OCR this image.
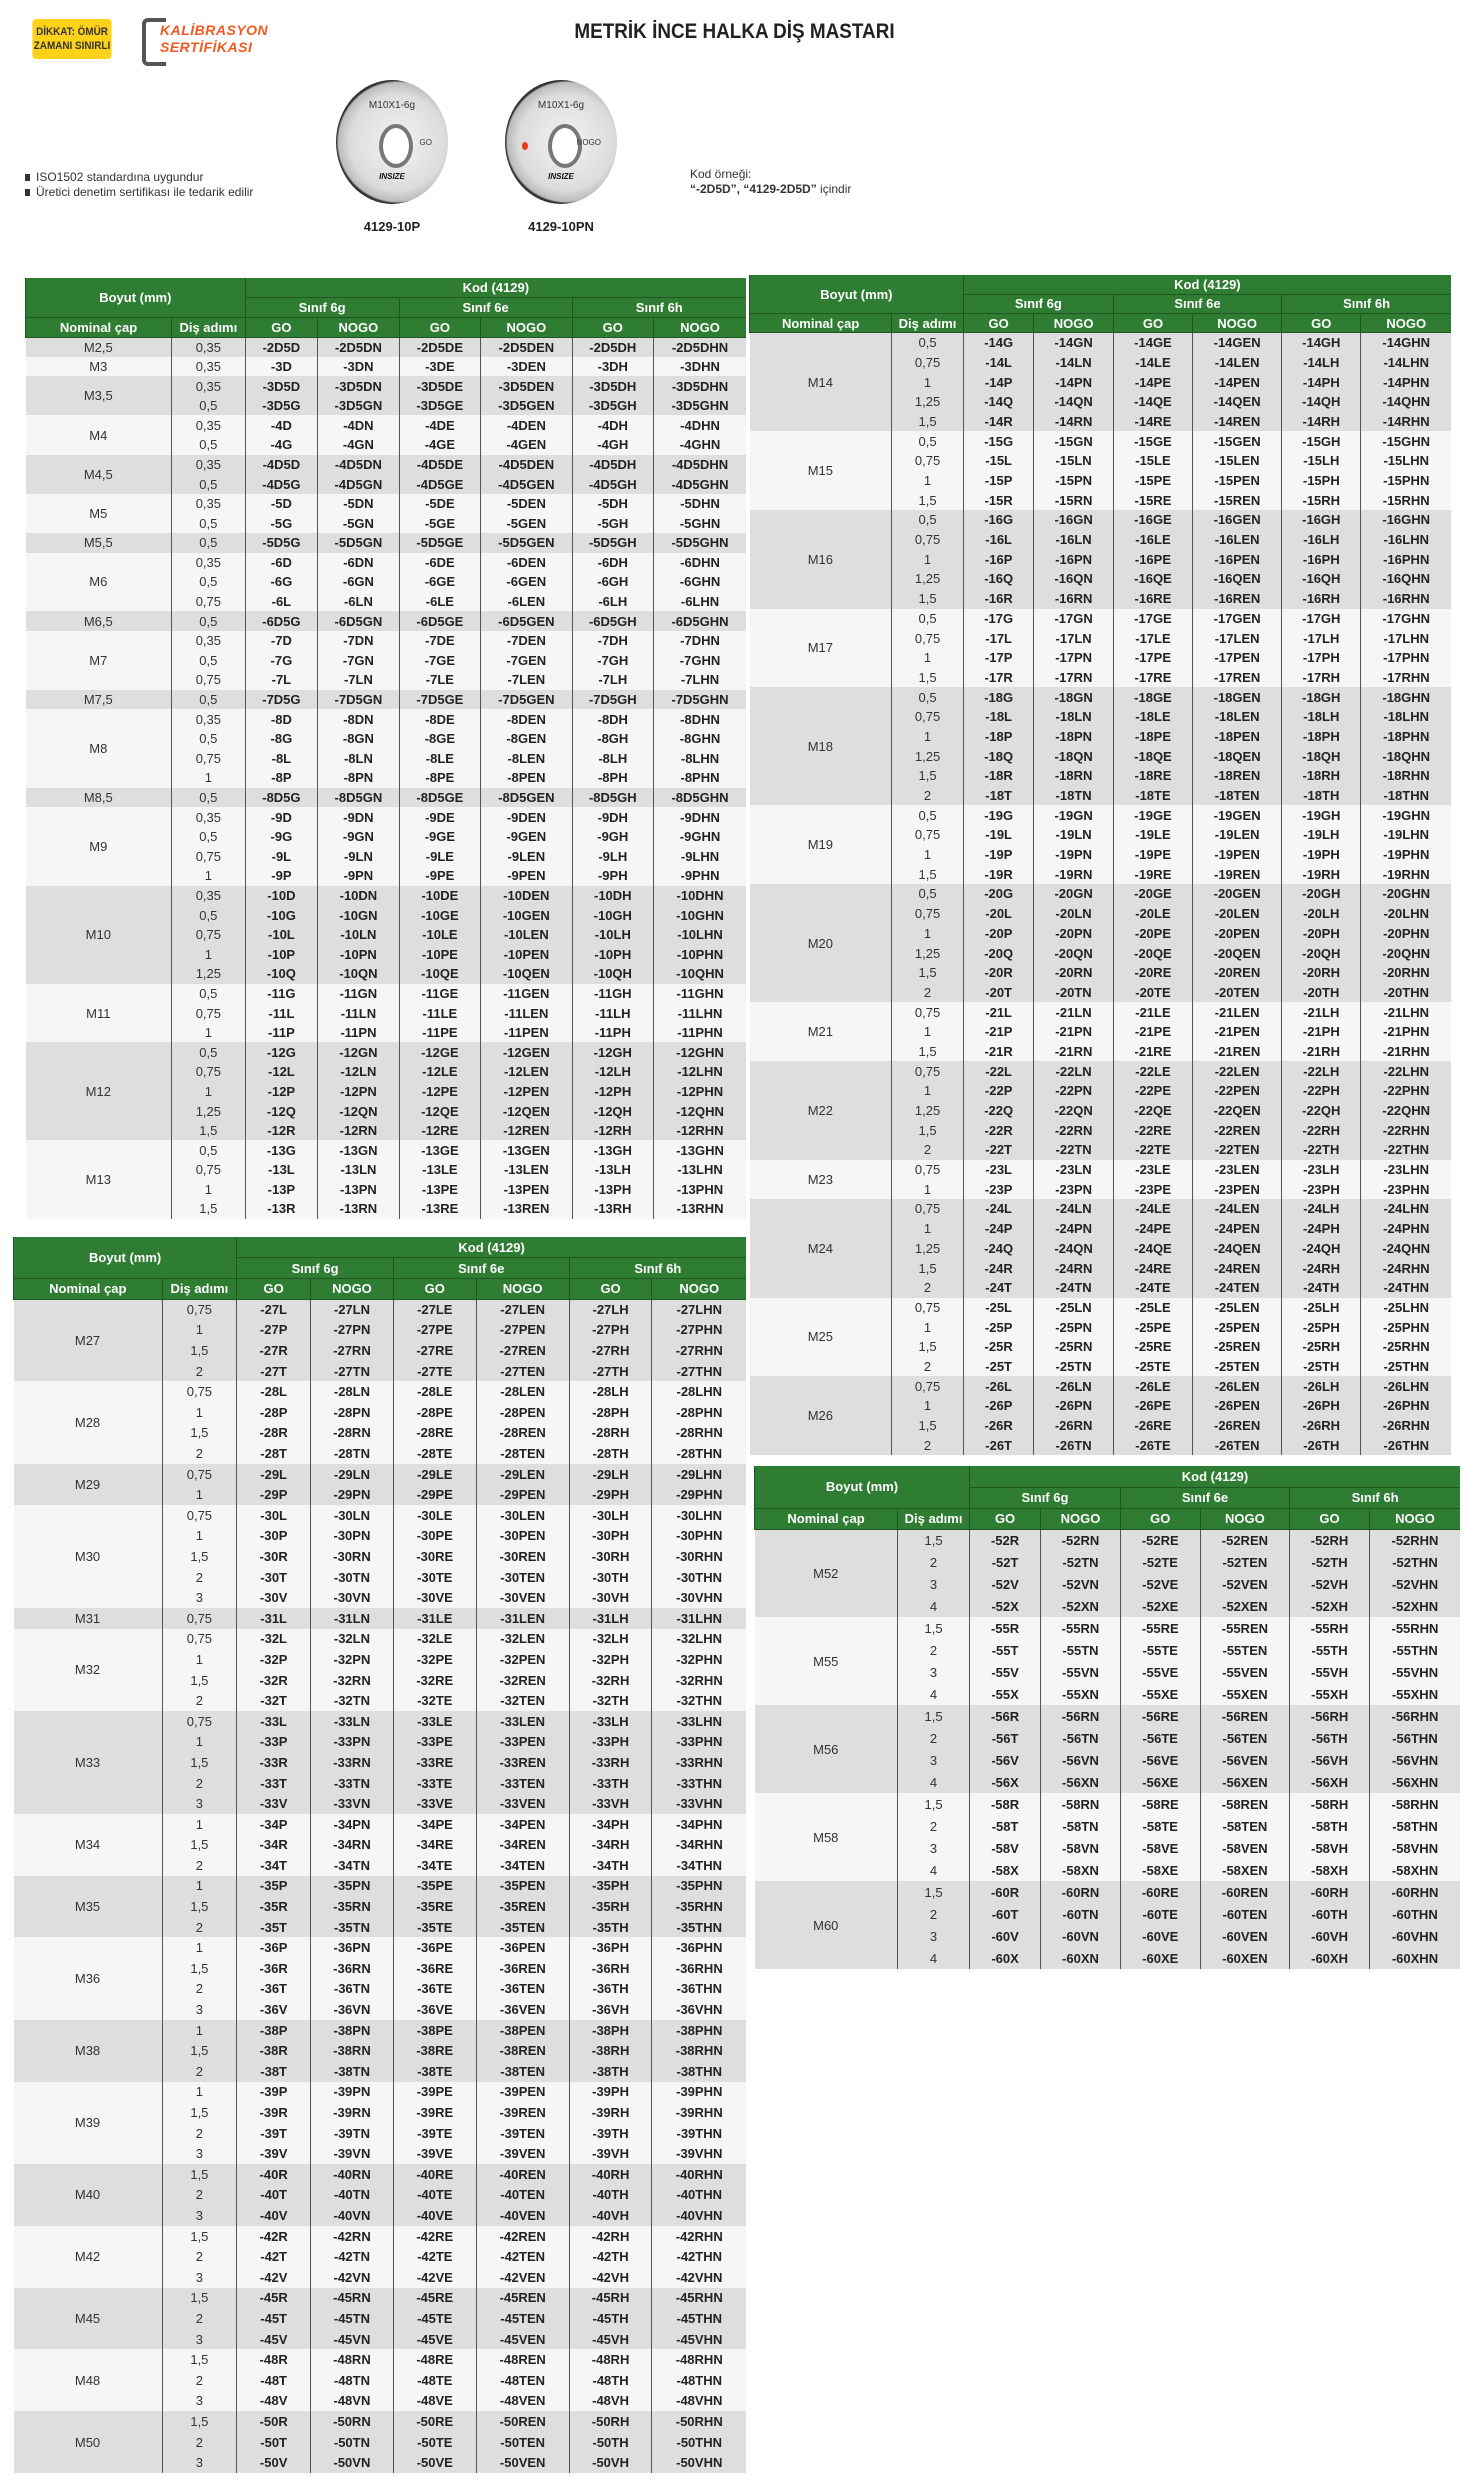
DİKKAT: ÖMÜR
ZAMANI SINIRLI
KALİBRASYON
SERTİFİKASI
METRİK İNCE HALKA DİŞ MASTARI
M10X1-6g
GO
INSIZE
M10X1-6g
NOGO
INSIZE
4129-10P	4129-10PN
ISO1502 standardına uygundur
Üretici denetim sertifikası ile tedarik edilir
Kod örneği:
“-2D5D”, “4129-2D5D” içindir
Boyut (mm)		Kod (4129)					
		Sınıf 6g		Sınıf 6e		Sınıf 6h	
Nominal çap	Diş adımı	GO	NOGO	GO	NOGO	GO	NOGO
M2,5	0,35	-2D5D	-2D5DN	-2D5DE	-2D5DEN	-2D5DH	-2D5DHN
M3	0,35	-3D	-3DN	-3DE	-3DEN	-3DH	-3DHN
M3,5	0,35	-3D5D	-3D5DN	-3D5DE	-3D5DEN	-3D5DH	-3D5DHN
	0,5	-3D5G	-3D5GN	-3D5GE	-3D5GEN	-3D5GH	-3D5GHN
M4	0,35	-4D	-4DN	-4DE	-4DEN	-4DH	-4DHN
	0,5	-4G	-4GN	-4GE	-4GEN	-4GH	-4GHN
M4,5	0,35	-4D5D	-4D5DN	-4D5DE	-4D5DEN	-4D5DH	-4D5DHN
	0,5	-4D5G	-4D5GN	-4D5GE	-4D5GEN	-4D5GH	-4D5GHN
M5	0,35	-5D	-5DN	-5DE	-5DEN	-5DH	-5DHN
	0,5	-5G	-5GN	-5GE	-5GEN	-5GH	-5GHN
M5,5	0,5	-5D5G	-5D5GN	-5D5GE	-5D5GEN	-5D5GH	-5D5GHN
M6	0,35	-6D	-6DN	-6DE	-6DEN	-6DH	-6DHN
	0,5	-6G	-6GN	-6GE	-6GEN	-6GH	-6GHN
	0,75	-6L	-6LN	-6LE	-6LEN	-6LH	-6LHN
M6,5	0,5	-6D5G	-6D5GN	-6D5GE	-6D5GEN	-6D5GH	-6D5GHN
M7	0,35	-7D	-7DN	-7DE	-7DEN	-7DH	-7DHN
	0,5	-7G	-7GN	-7GE	-7GEN	-7GH	-7GHN
	0,75	-7L	-7LN	-7LE	-7LEN	-7LH	-7LHN
M7,5	0,5	-7D5G	-7D5GN	-7D5GE	-7D5GEN	-7D5GH	-7D5GHN
M8	0,35	-8D	-8DN	-8DE	-8DEN	-8DH	-8DHN
	0,5	-8G	-8GN	-8GE	-8GEN	-8GH	-8GHN
	0,75	-8L	-8LN	-8LE	-8LEN	-8LH	-8LHN
	1	-8P	-8PN	-8PE	-8PEN	-8PH	-8PHN
M8,5	0,5	-8D5G	-8D5GN	-8D5GE	-8D5GEN	-8D5GH	-8D5GHN
M9	0,35	-9D	-9DN	-9DE	-9DEN	-9DH	-9DHN
	0,5	-9G	-9GN	-9GE	-9GEN	-9GH	-9GHN
	0,75	-9L	-9LN	-9LE	-9LEN	-9LH	-9LHN
	1	-9P	-9PN	-9PE	-9PEN	-9PH	-9PHN
M10	0,35	-10D	-10DN	-10DE	-10DEN	-10DH	-10DHN
	0,5	-10G	-10GN	-10GE	-10GEN	-10GH	-10GHN
	0,75	-10L	-10LN	-10LE	-10LEN	-10LH	-10LHN
	1	-10P	-10PN	-10PE	-10PEN	-10PH	-10PHN
	1,25	-10Q	-10QN	-10QE	-10QEN	-10QH	-10QHN
M11	0,5	-11G	-11GN	-11GE	-11GEN	-11GH	-11GHN
	0,75	-11L	-11LN	-11LE	-11LEN	-11LH	-11LHN
	1	-11P	-11PN	-11PE	-11PEN	-11PH	-11PHN
M12	0,5	-12G	-12GN	-12GE	-12GEN	-12GH	-12GHN
	0,75	-12L	-12LN	-12LE	-12LEN	-12LH	-12LHN
	1	-12P	-12PN	-12PE	-12PEN	-12PH	-12PHN
	1,25	-12Q	-12QN	-12QE	-12QEN	-12QH	-12QHN
	1,5	-12R	-12RN	-12RE	-12REN	-12RH	-12RHN
M13	0,5	-13G	-13GN	-13GE	-13GEN	-13GH	-13GHN
	0,75	-13L	-13LN	-13LE	-13LEN	-13LH	-13LHN
	1	-13P	-13PN	-13PE	-13PEN	-13PH	-13PHN
	1,5	-13R	-13RN	-13RE	-13REN	-13RH	-13RHN
Boyut (mm)		Kod (4129)					
		Sınıf 6g		Sınıf 6e		Sınıf 6h	
Nominal çap	Diş adımı	GO	NOGO	GO	NOGO	GO	NOGO
M27	0,75	-27L	-27LN	-27LE	-27LEN	-27LH	-27LHN
	1	-27P	-27PN	-27PE	-27PEN	-27PH	-27PHN
	1,5	-27R	-27RN	-27RE	-27REN	-27RH	-27RHN
	2	-27T	-27TN	-27TE	-27TEN	-27TH	-27THN
M28	0,75	-28L	-28LN	-28LE	-28LEN	-28LH	-28LHN
	1	-28P	-28PN	-28PE	-28PEN	-28PH	-28PHN
	1,5	-28R	-28RN	-28RE	-28REN	-28RH	-28RHN
	2	-28T	-28TN	-28TE	-28TEN	-28TH	-28THN
M29	0,75	-29L	-29LN	-29LE	-29LEN	-29LH	-29LHN
	1	-29P	-29PN	-29PE	-29PEN	-29PH	-29PHN
M30	0,75	-30L	-30LN	-30LE	-30LEN	-30LH	-30LHN
	1	-30P	-30PN	-30PE	-30PEN	-30PH	-30PHN
	1,5	-30R	-30RN	-30RE	-30REN	-30RH	-30RHN
	2	-30T	-30TN	-30TE	-30TEN	-30TH	-30THN
	3	-30V	-30VN	-30VE	-30VEN	-30VH	-30VHN
M31	0,75	-31L	-31LN	-31LE	-31LEN	-31LH	-31LHN
M32	0,75	-32L	-32LN	-32LE	-32LEN	-32LH	-32LHN
	1	-32P	-32PN	-32PE	-32PEN	-32PH	-32PHN
	1,5	-32R	-32RN	-32RE	-32REN	-32RH	-32RHN
	2	-32T	-32TN	-32TE	-32TEN	-32TH	-32THN
M33	0,75	-33L	-33LN	-33LE	-33LEN	-33LH	-33LHN
	1	-33P	-33PN	-33PE	-33PEN	-33PH	-33PHN
	1,5	-33R	-33RN	-33RE	-33REN	-33RH	-33RHN
	2	-33T	-33TN	-33TE	-33TEN	-33TH	-33THN
	3	-33V	-33VN	-33VE	-33VEN	-33VH	-33VHN
M34	1	-34P	-34PN	-34PE	-34PEN	-34PH	-34PHN
	1,5	-34R	-34RN	-34RE	-34REN	-34RH	-34RHN
	2	-34T	-34TN	-34TE	-34TEN	-34TH	-34THN
M35	1	-35P	-35PN	-35PE	-35PEN	-35PH	-35PHN
	1,5	-35R	-35RN	-35RE	-35REN	-35RH	-35RHN
	2	-35T	-35TN	-35TE	-35TEN	-35TH	-35THN
M36	1	-36P	-36PN	-36PE	-36PEN	-36PH	-36PHN
	1,5	-36R	-36RN	-36RE	-36REN	-36RH	-36RHN
	2	-36T	-36TN	-36TE	-36TEN	-36TH	-36THN
	3	-36V	-36VN	-36VE	-36VEN	-36VH	-36VHN
M38	1	-38P	-38PN	-38PE	-38PEN	-38PH	-38PHN
	1,5	-38R	-38RN	-38RE	-38REN	-38RH	-38RHN
	2	-38T	-38TN	-38TE	-38TEN	-38TH	-38THN
M39	1	-39P	-39PN	-39PE	-39PEN	-39PH	-39PHN
	1,5	-39R	-39RN	-39RE	-39REN	-39RH	-39RHN
	2	-39T	-39TN	-39TE	-39TEN	-39TH	-39THN
	3	-39V	-39VN	-39VE	-39VEN	-39VH	-39VHN
M40	1,5	-40R	-40RN	-40RE	-40REN	-40RH	-40RHN
	2	-40T	-40TN	-40TE	-40TEN	-40TH	-40THN
	3	-40V	-40VN	-40VE	-40VEN	-40VH	-40VHN
M42	1,5	-42R	-42RN	-42RE	-42REN	-42RH	-42RHN
	2	-42T	-42TN	-42TE	-42TEN	-42TH	-42THN
	3	-42V	-42VN	-42VE	-42VEN	-42VH	-42VHN
M45	1,5	-45R	-45RN	-45RE	-45REN	-45RH	-45RHN
	2	-45T	-45TN	-45TE	-45TEN	-45TH	-45THN
	3	-45V	-45VN	-45VE	-45VEN	-45VH	-45VHN
M48	1,5	-48R	-48RN	-48RE	-48REN	-48RH	-48RHN
	2	-48T	-48TN	-48TE	-48TEN	-48TH	-48THN
	3	-48V	-48VN	-48VE	-48VEN	-48VH	-48VHN
M50	1,5	-50R	-50RN	-50RE	-50REN	-50RH	-50RHN
	2	-50T	-50TN	-50TE	-50TEN	-50TH	-50THN
	3	-50V	-50VN	-50VE	-50VEN	-50VH	-50VHN
Boyut (mm)		Kod (4129)					
		Sınıf 6g		Sınıf 6e		Sınıf 6h	
Nominal çap	Diş adımı	GO	NOGO	GO	NOGO	GO	NOGO
M14	0,5	-14G	-14GN	-14GE	-14GEN	-14GH	-14GHN
	0,75	-14L	-14LN	-14LE	-14LEN	-14LH	-14LHN
	1	-14P	-14PN	-14PE	-14PEN	-14PH	-14PHN
	1,25	-14Q	-14QN	-14QE	-14QEN	-14QH	-14QHN
	1,5	-14R	-14RN	-14RE	-14REN	-14RH	-14RHN
M15	0,5	-15G	-15GN	-15GE	-15GEN	-15GH	-15GHN
	0,75	-15L	-15LN	-15LE	-15LEN	-15LH	-15LHN
	1	-15P	-15PN	-15PE	-15PEN	-15PH	-15PHN
	1,5	-15R	-15RN	-15RE	-15REN	-15RH	-15RHN
M16	0,5	-16G	-16GN	-16GE	-16GEN	-16GH	-16GHN
	0,75	-16L	-16LN	-16LE	-16LEN	-16LH	-16LHN
	1	-16P	-16PN	-16PE	-16PEN	-16PH	-16PHN
	1,25	-16Q	-16QN	-16QE	-16QEN	-16QH	-16QHN
	1,5	-16R	-16RN	-16RE	-16REN	-16RH	-16RHN
M17	0,5	-17G	-17GN	-17GE	-17GEN	-17GH	-17GHN
	0,75	-17L	-17LN	-17LE	-17LEN	-17LH	-17LHN
	1	-17P	-17PN	-17PE	-17PEN	-17PH	-17PHN
	1,5	-17R	-17RN	-17RE	-17REN	-17RH	-17RHN
M18	0,5	-18G	-18GN	-18GE	-18GEN	-18GH	-18GHN
	0,75	-18L	-18LN	-18LE	-18LEN	-18LH	-18LHN
	1	-18P	-18PN	-18PE	-18PEN	-18PH	-18PHN
	1,25	-18Q	-18QN	-18QE	-18QEN	-18QH	-18QHN
	1,5	-18R	-18RN	-18RE	-18REN	-18RH	-18RHN
	2	-18T	-18TN	-18TE	-18TEN	-18TH	-18THN
M19	0,5	-19G	-19GN	-19GE	-19GEN	-19GH	-19GHN
	0,75	-19L	-19LN	-19LE	-19LEN	-19LH	-19LHN
	1	-19P	-19PN	-19PE	-19PEN	-19PH	-19PHN
	1,5	-19R	-19RN	-19RE	-19REN	-19RH	-19RHN
M20	0,5	-20G	-20GN	-20GE	-20GEN	-20GH	-20GHN
	0,75	-20L	-20LN	-20LE	-20LEN	-20LH	-20LHN
	1	-20P	-20PN	-20PE	-20PEN	-20PH	-20PHN
	1,25	-20Q	-20QN	-20QE	-20QEN	-20QH	-20QHN
	1,5	-20R	-20RN	-20RE	-20REN	-20RH	-20RHN
	2	-20T	-20TN	-20TE	-20TEN	-20TH	-20THN
M21	0,75	-21L	-21LN	-21LE	-21LEN	-21LH	-21LHN
	1	-21P	-21PN	-21PE	-21PEN	-21PH	-21PHN
	1,5	-21R	-21RN	-21RE	-21REN	-21RH	-21RHN
M22	0,75	-22L	-22LN	-22LE	-22LEN	-22LH	-22LHN
	1	-22P	-22PN	-22PE	-22PEN	-22PH	-22PHN
	1,25	-22Q	-22QN	-22QE	-22QEN	-22QH	-22QHN
	1,5	-22R	-22RN	-22RE	-22REN	-22RH	-22RHN
	2	-22T	-22TN	-22TE	-22TEN	-22TH	-22THN
M23	0,75	-23L	-23LN	-23LE	-23LEN	-23LH	-23LHN
	1	-23P	-23PN	-23PE	-23PEN	-23PH	-23PHN
M24	0,75	-24L	-24LN	-24LE	-24LEN	-24LH	-24LHN
	1	-24P	-24PN	-24PE	-24PEN	-24PH	-24PHN
	1,25	-24Q	-24QN	-24QE	-24QEN	-24QH	-24QHN
	1,5	-24R	-24RN	-24RE	-24REN	-24RH	-24RHN
	2	-24T	-24TN	-24TE	-24TEN	-24TH	-24THN
M25	0,75	-25L	-25LN	-25LE	-25LEN	-25LH	-25LHN
	1	-25P	-25PN	-25PE	-25PEN	-25PH	-25PHN
	1,5	-25R	-25RN	-25RE	-25REN	-25RH	-25RHN
	2	-25T	-25TN	-25TE	-25TEN	-25TH	-25THN
M26	0,75	-26L	-26LN	-26LE	-26LEN	-26LH	-26LHN
	1	-26P	-26PN	-26PE	-26PEN	-26PH	-26PHN
	1,5	-26R	-26RN	-26RE	-26REN	-26RH	-26RHN
	2	-26T	-26TN	-26TE	-26TEN	-26TH	-26THN
Boyut (mm)		Kod (4129)					
		Sınıf 6g		Sınıf 6e		Sınıf 6h	
Nominal çap	Diş adımı	GO	NOGO	GO	NOGO	GO	NOGO
M52	1,5	-52R	-52RN	-52RE	-52REN	-52RH	-52RHN
	2	-52T	-52TN	-52TE	-52TEN	-52TH	-52THN
	3	-52V	-52VN	-52VE	-52VEN	-52VH	-52VHN
	4	-52X	-52XN	-52XE	-52XEN	-52XH	-52XHN
M55	1,5	-55R	-55RN	-55RE	-55REN	-55RH	-55RHN
	2	-55T	-55TN	-55TE	-55TEN	-55TH	-55THN
	3	-55V	-55VN	-55VE	-55VEN	-55VH	-55VHN
	4	-55X	-55XN	-55XE	-55XEN	-55XH	-55XHN
M56	1,5	-56R	-56RN	-56RE	-56REN	-56RH	-56RHN
	2	-56T	-56TN	-56TE	-56TEN	-56TH	-56THN
	3	-56V	-56VN	-56VE	-56VEN	-56VH	-56VHN
	4	-56X	-56XN	-56XE	-56XEN	-56XH	-56XHN
M58	1,5	-58R	-58RN	-58RE	-58REN	-58RH	-58RHN
	2	-58T	-58TN	-58TE	-58TEN	-58TH	-58THN
	3	-58V	-58VN	-58VE	-58VEN	-58VH	-58VHN
	4	-58X	-58XN	-58XE	-58XEN	-58XH	-58XHN
M60	1,5	-60R	-60RN	-60RE	-60REN	-60RH	-60RHN
	2	-60T	-60TN	-60TE	-60TEN	-60TH	-60THN
	3	-60V	-60VN	-60VE	-60VEN	-60VH	-60VHN
	4	-60X	-60XN	-60XE	-60XEN	-60XH	-60XHN
